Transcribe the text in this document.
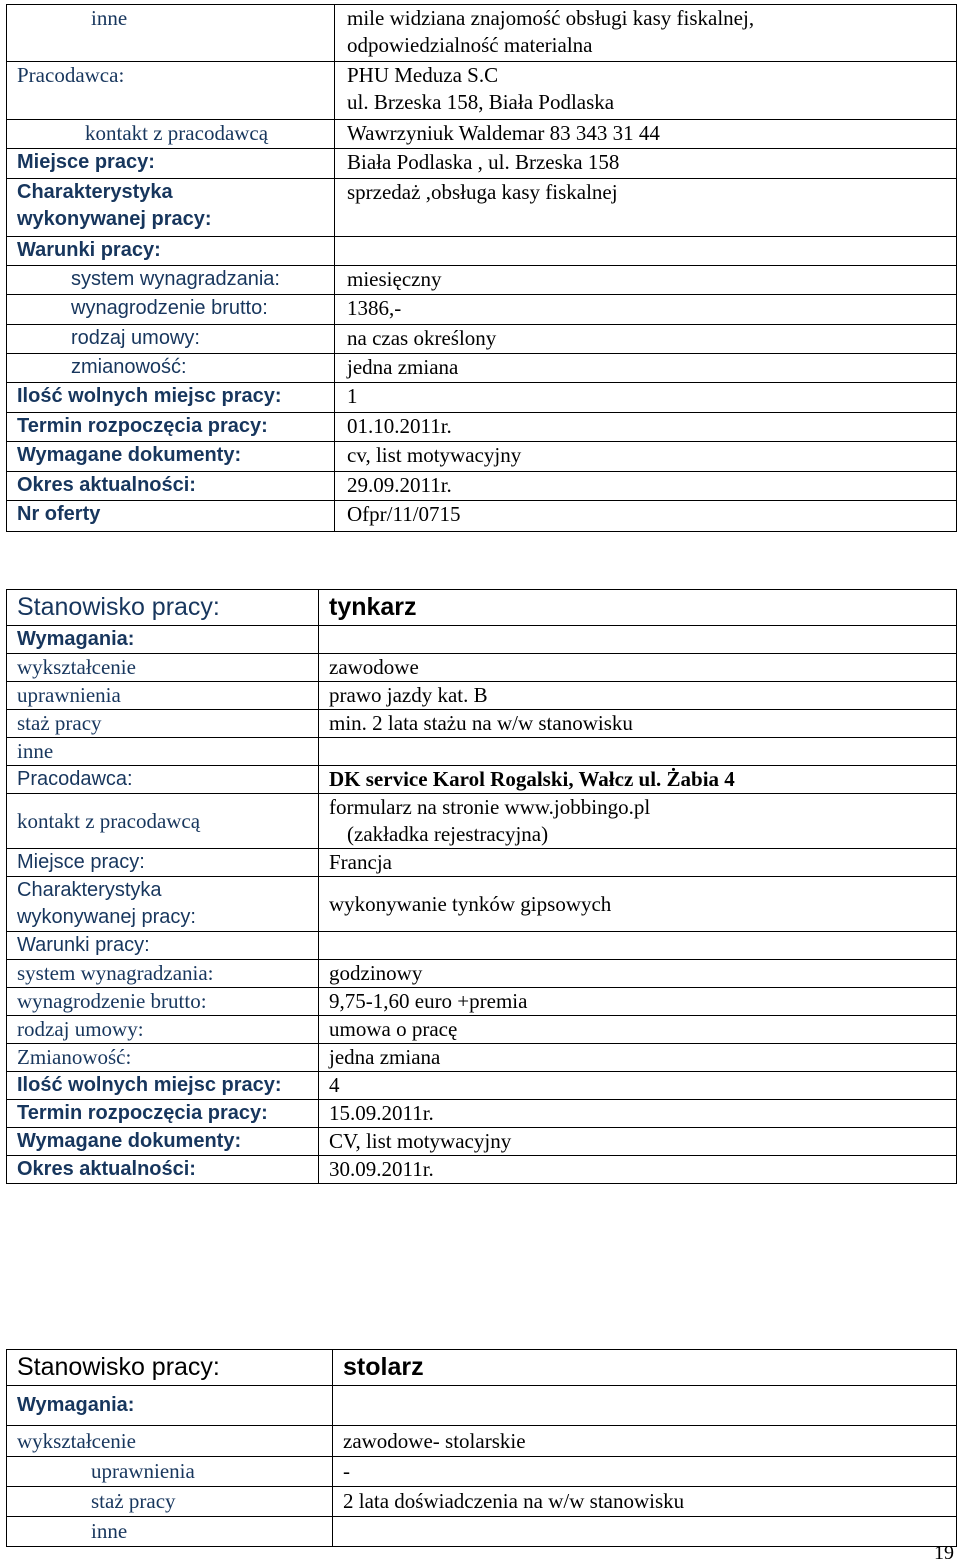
inne	mile widziana znajomość obsługi kasy fiskalnej,
odpowiedzialność materialna

Pracodawca:	PHU Meduza S.C
ul. Brzeska 158, Biała Podlaska

kontakt z pracodawcą	Wawrzyniuk Waldemar 83 343 31 44
Miejsce pracy:	Biała Podlaska , ul. Brzeska 158

Charakterystyka
wykonywanej pracy:	sprzedaż ,obsługa kasy fiskalnej
Warunki pracy:	
system wynagradzania:	miesięczny
wynagrodzenie brutto:	1386,-
rodzaj umowy:	na czas określony
zmianowość:	jedna zmiana
Ilość wolnych miejsc pracy:	1
Termin rozpoczęcia pracy:	01.10.2011r.
Wymagane dokumenty:	cv, list motywacyjny
Okres aktualności:	29.09.2011r.
Nr oferty	Ofpr/11/0715
Stanowisko pracy:	tynkarz
Wymagania:	
wykształcenie	zawodowe
uprawnienia	prawo jazdy kat. B
staż pracy	min. 2 lata stażu na w/w stanowisku
inne	
Pracodawca:	DK service Karol Rogalski, Wałcz ul. Żabia 4
kontakt z pracodawcą	formularz na stronie www.jobbingo.pl
(zakładka rejestracyjna)

Miejsce pracy:	Francja

Charakterystyka
wykonywanej pracy:	wykonywanie tynków gipsowych
Warunki pracy:	
system wynagradzania:	godzinowy
wynagrodzenie brutto:	9,75-1,60 euro +premia
rodzaj umowy:	umowa o pracę
Zmianowość:	jedna zmiana
Ilość wolnych miejsc pracy:	4
Termin rozpoczęcia pracy:	15.09.2011r.
Wymagane dokumenty:	CV, list motywacyjny
Okres aktualności:	30.09.2011r.
Stanowisko pracy:	stolarz
Wymagania:	
wykształcenie	zawodowe- stolarskie
uprawnienia	-
staż pracy	2 lata doświadczenia na w/w stanowisku
inne	
19
